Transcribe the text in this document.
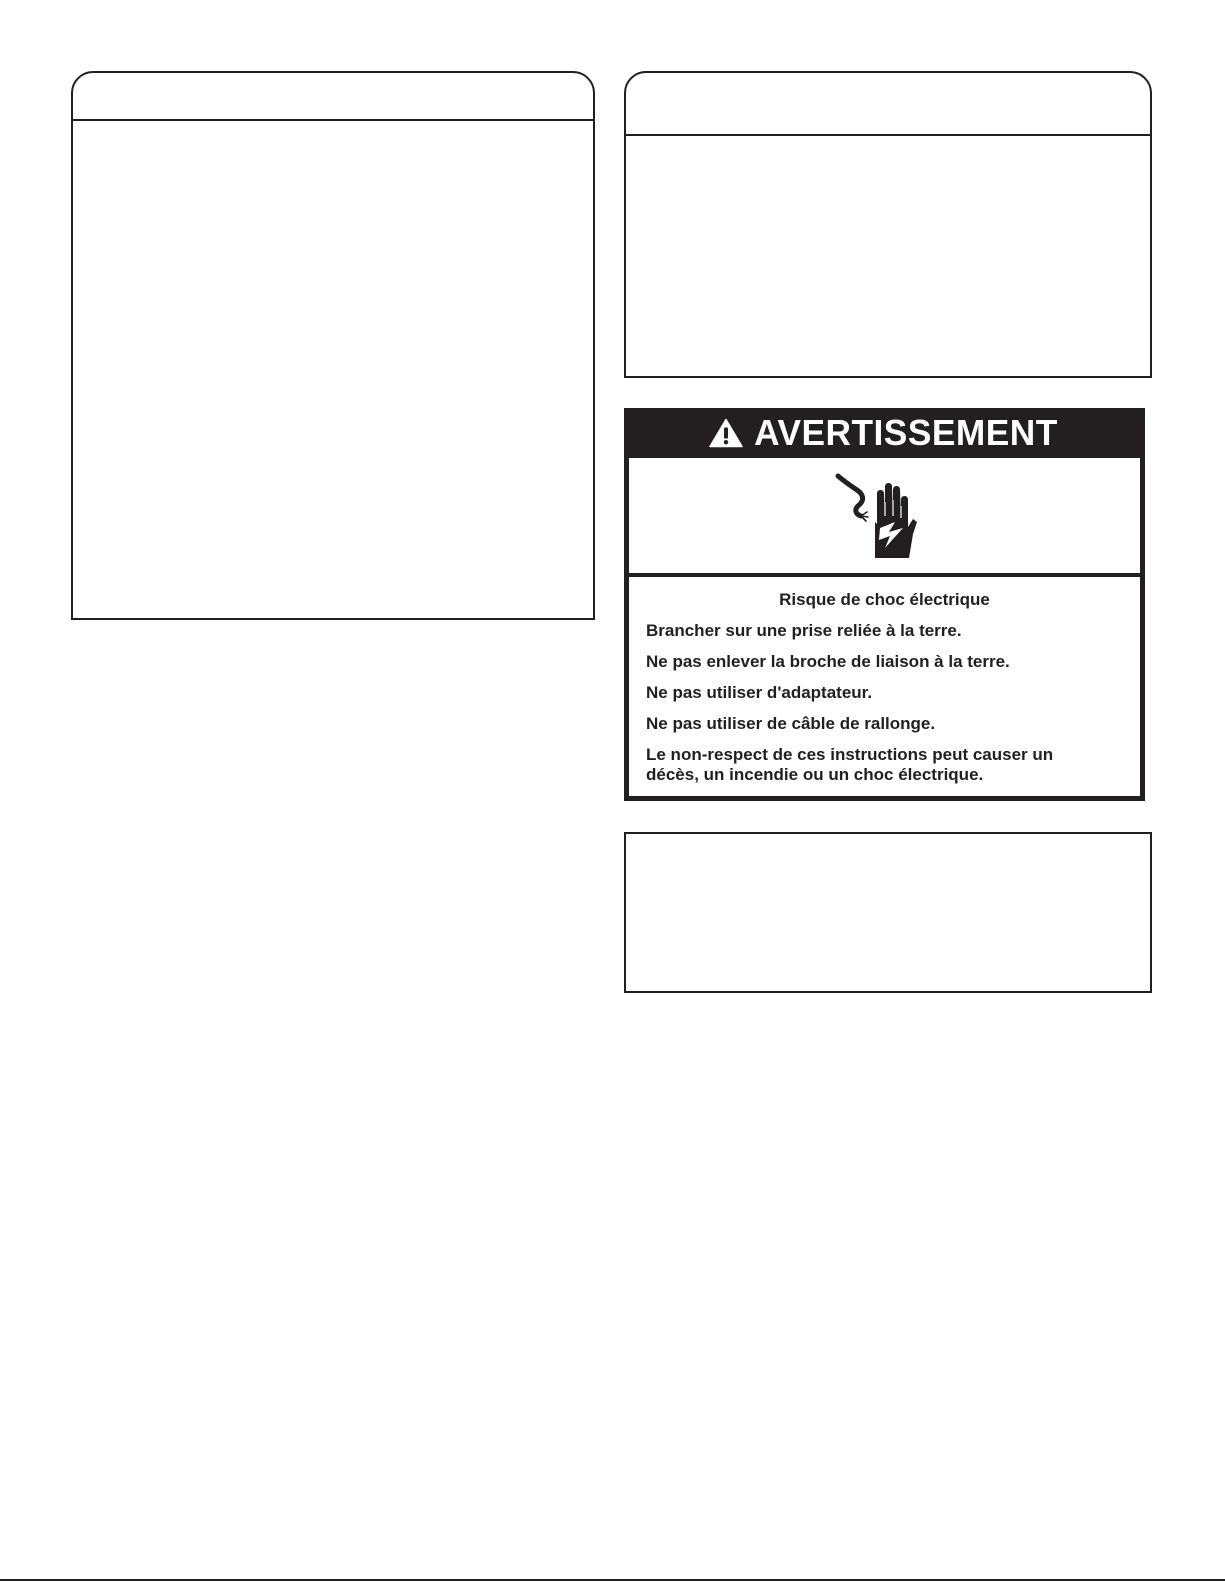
AVERTISSEMENT
Risque de choc électrique
Brancher sur une prise reliée à la terre.
Ne pas enlever la broche de liaison à la terre.
Ne pas utiliser d'adaptateur.
Ne pas utiliser de câble de rallonge.
Le non-respect de ces instructions peut causer un décès, un incendie ou un choc électrique.
